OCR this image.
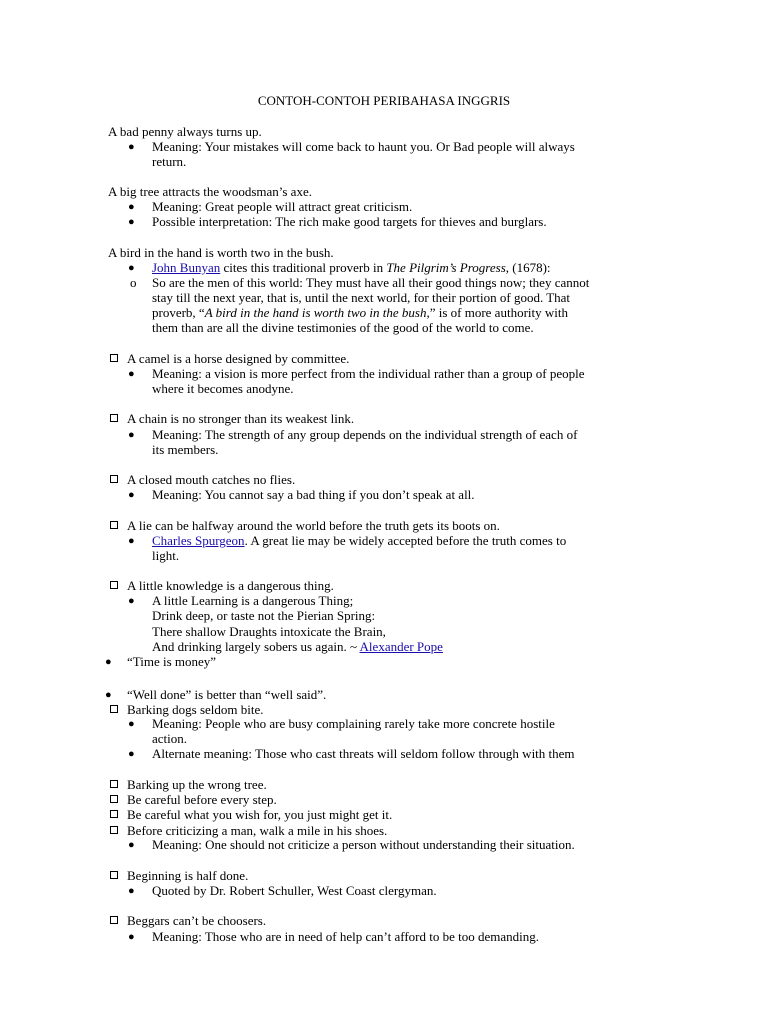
CONTOH-CONTOH PERIBAHASA INGGRIS
A bad penny always turns up.
● Meaning: Your mistakes will come back to haunt you. Or Bad people will always
return.
A big tree attracts the woodsman’s axe.
● Meaning: Great people will attract great criticism.
● Possible interpretation: The rich make good targets for thieves and burglars.
A bird in the hand is worth two in the bush.
● John Bunyan cites this traditional proverb in The Pilgrim’s Progress, (1678):
o So are the men of this world: They must have all their good things now; they cannot
stay till the next year, that is, until the next world, for their portion of good. That
proverb, “A bird in the hand is worth two in the bush,” is of more authority with
them than are all the divine testimonies of the good of the world to come.
A camel is a horse designed by committee.
● Meaning: a vision is more perfect from the individual rather than a group of people
where it becomes anodyne.
A chain is no stronger than its weakest link.
● Meaning: The strength of any group depends on the individual strength of each of
its members.
A closed mouth catches no flies.
● Meaning: You cannot say a bad thing if you don’t speak at all.
A lie can be halfway around the world before the truth gets its boots on.
● Charles Spurgeon. A great lie may be widely accepted before the truth comes to
light.
A little knowledge is a dangerous thing.
● A little Learning is a dangerous Thing;
Drink deep, or taste not the Pierian Spring:
There shallow Draughts intoxicate the Brain,
And drinking largely sobers us again. ~ Alexander Pope
● “Time is money”
● “Well done” is better than “well said”.
Barking dogs seldom bite.
● Meaning: People who are busy complaining rarely take more concrete hostile
action.
● Alternate meaning: Those who cast threats will seldom follow through with them
Barking up the wrong tree.
Be careful before every step.
Be careful what you wish for, you just might get it.
Before criticizing a man, walk a mile in his shoes.
● Meaning: One should not criticize a person without understanding their situation.
Beginning is half done.
● Quoted by Dr. Robert Schuller, West Coast clergyman.
Beggars can’t be choosers.
● Meaning: Those who are in need of help can’t afford to be too demanding.
